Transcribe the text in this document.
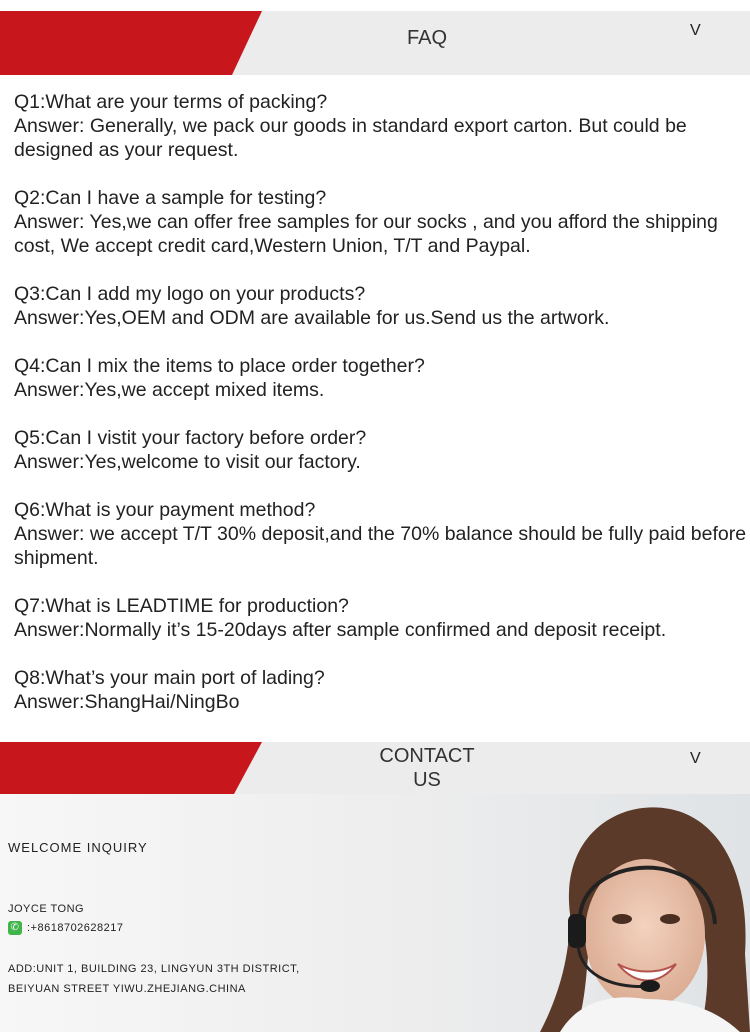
FAQ	V
Q1:What are your terms of packing?
Answer: Generally, we pack our goods in standard export carton. But could be designed as your request.
Q2:Can I have a sample for testing?
Answer: Yes,we can offer free samples for our socks , and you afford the shipping cost, We accept credit card,Western Union, T/T and Paypal.
Q3:Can I add my logo on your products?
Answer:Yes,OEM and ODM are available for us.Send us the artwork.
Q4:Can I mix the items to place order together?
Answer:Yes,we accept mixed items.
Q5:Can I vistit your factory before order?
Answer:Yes,welcome to visit our factory.
Q6:What is your payment method?
Answer: we accept T/T 30% deposit,and the 70% balance should be fully paid before shipment.
Q7:What is LEADTIME for production?
Answer:Normally it’s 15-20days after sample confirmed and deposit receipt.
Q8:What’s your main port of lading?
Answer:ShangHai/NingBo
CONTACT
US
V
WELCOME INQUIRY
JOYCE TONG
✆ :+8618702628217
ADD:UNIT 1, BUILDING 23, LINGYUN 3TH DISTRICT,
BEIYUAN STREET YIWU.ZHEJIANG.CHINA
